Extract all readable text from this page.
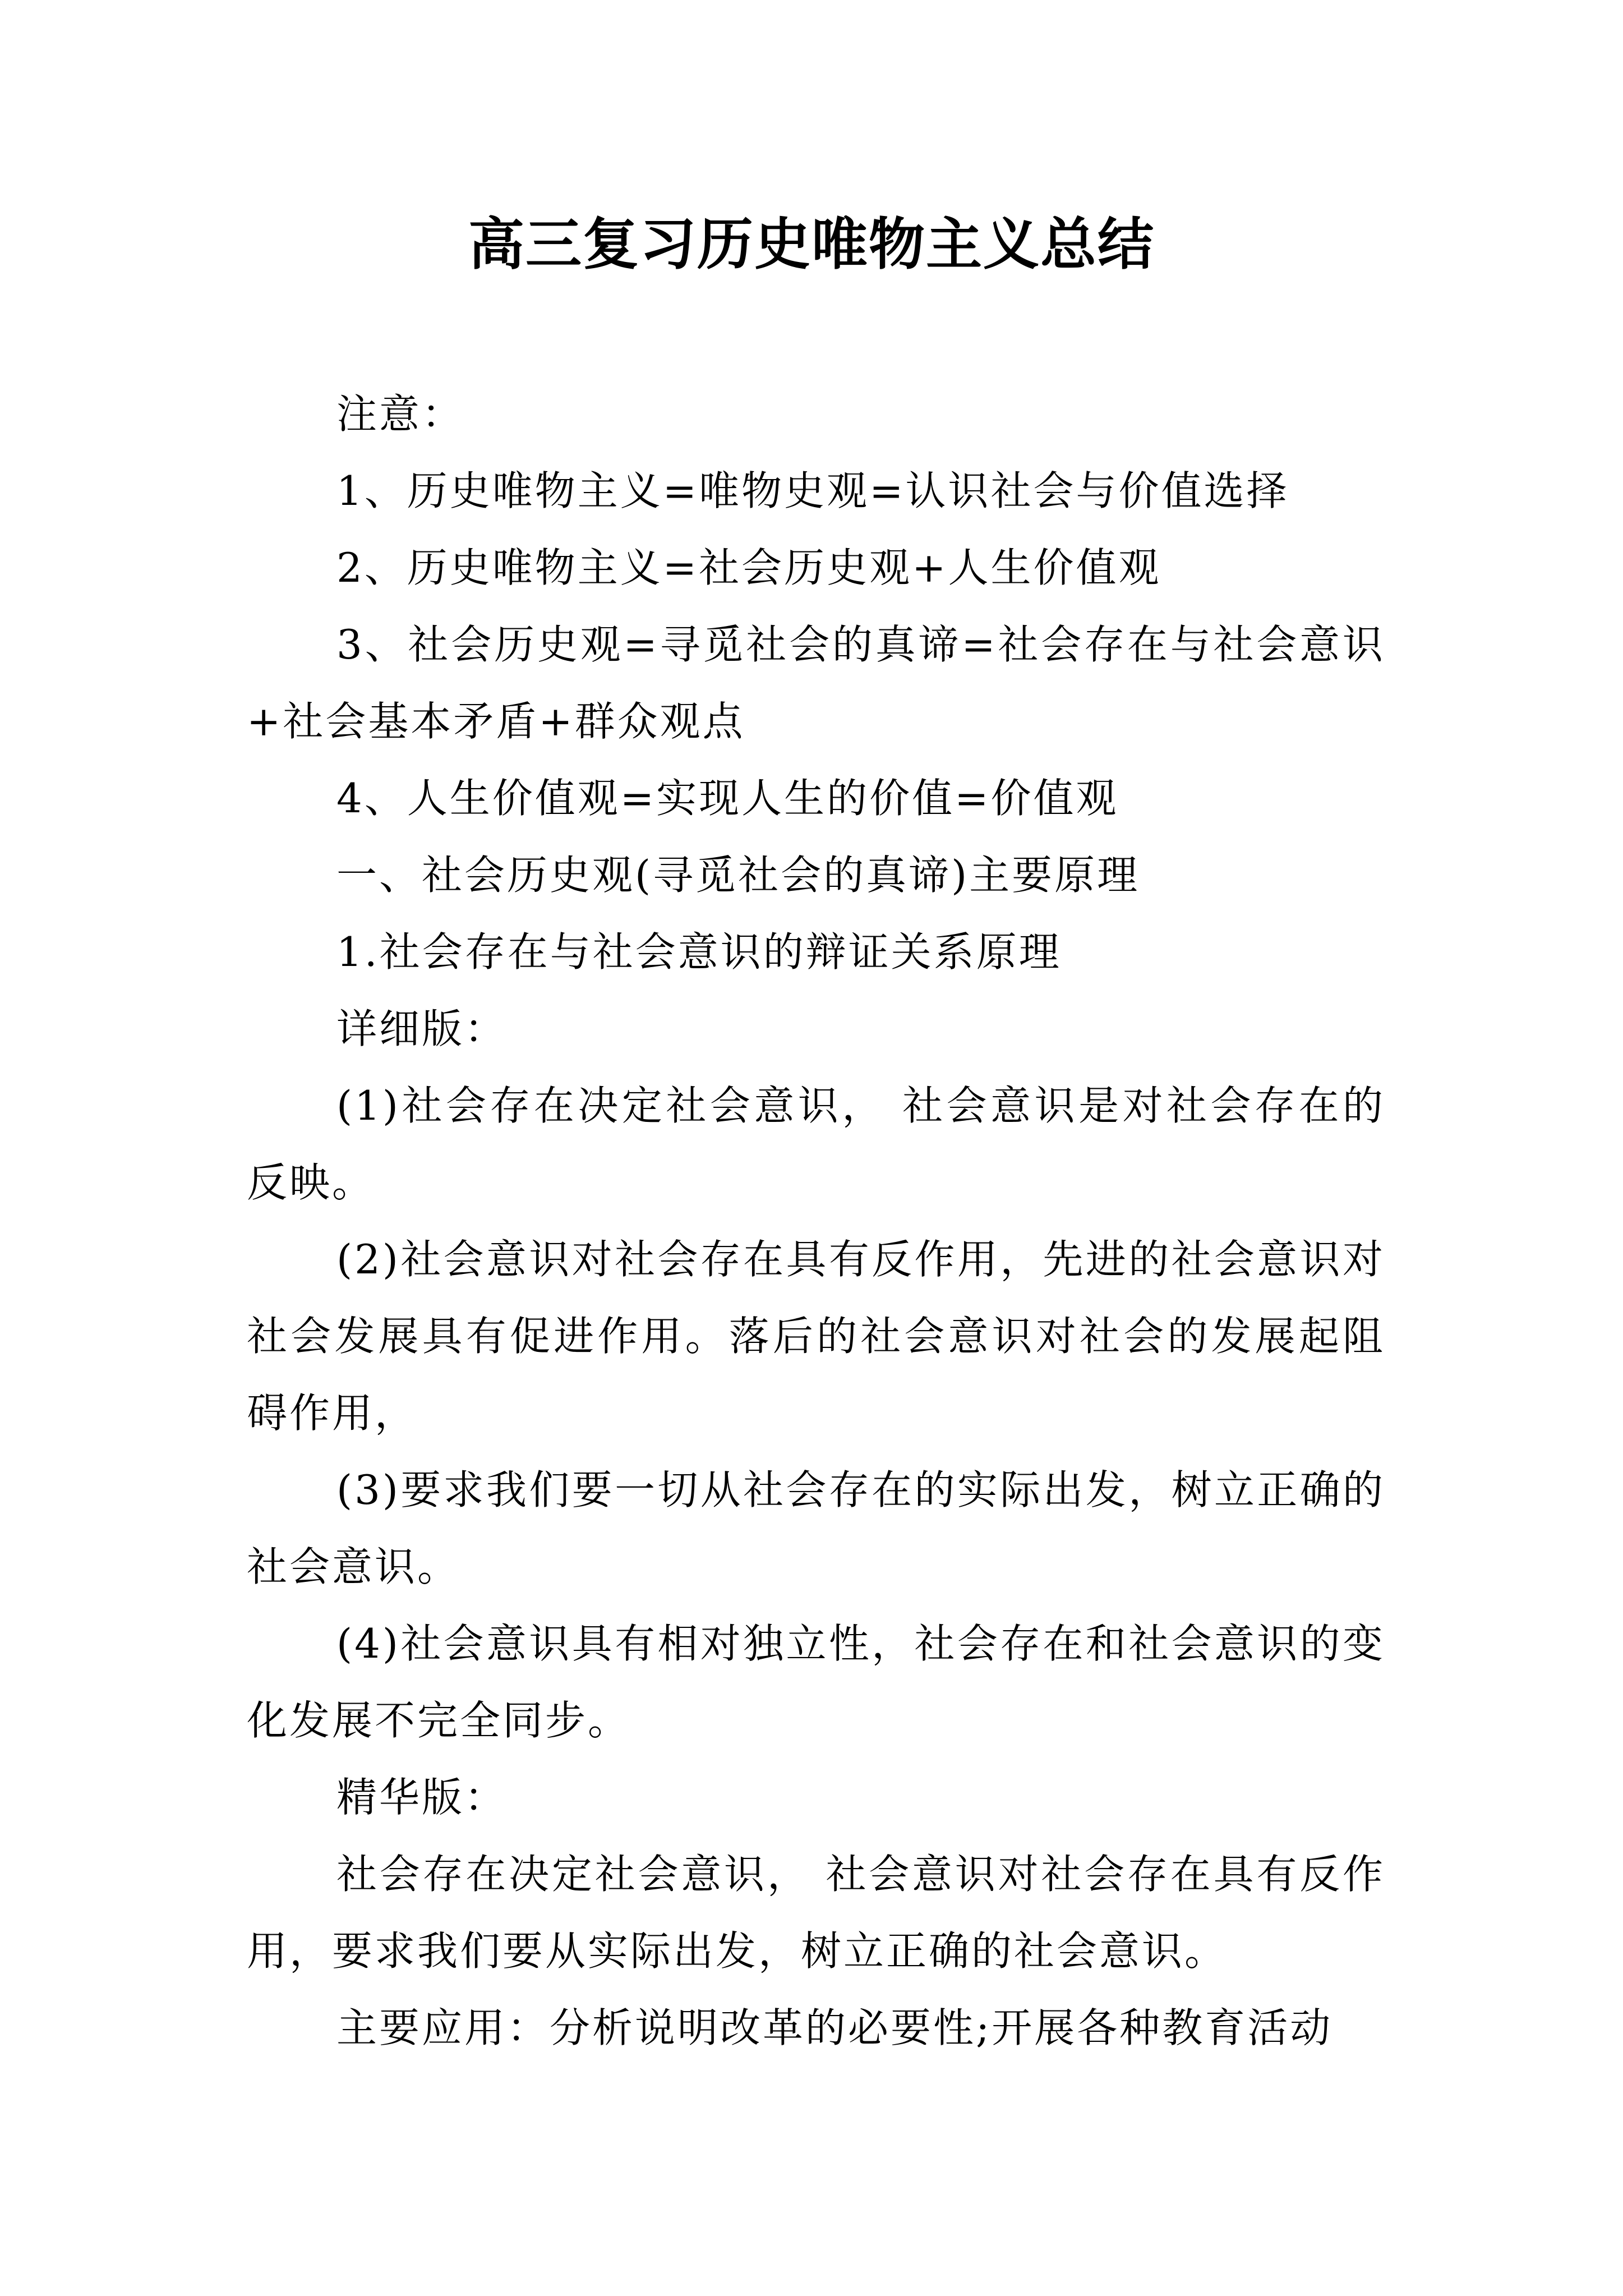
高三复习历史唯物主义总结

注意：

1、历史唯物主义=唯物史观=认识社会与价值选择

2、历史唯物主义=社会历史观+人生价值观

3、社会历史观=寻觅社会的真谛=社会存在与社会意识+社会基本矛盾+群众观点

4、人生价值观=实现人生的价值=价值观

一、社会历史观(寻觅社会的真谛)主要原理

1.社会存在与社会意识的辩证关系原理

详细版：

(1)社会存在决定社会意识， 社会意识是对社会存在的反映。

(2)社会意识对社会存在具有反作用，先进的社会意识对社会发展具有促进作用。落后的社会意识对社会的发展起阻碍作用，

(3)要求我们要一切从社会存在的实际出发，树立正确的社会意识。

(4)社会意识具有相对独立性，社会存在和社会意识的变化发展不完全同步。

精华版：

社会存在决定社会意识， 社会意识对社会存在具有反作用，要求我们要从实际出发，树立正确的社会意识。

主要应用：分析说明改革的必要性;开展各种教育活动
